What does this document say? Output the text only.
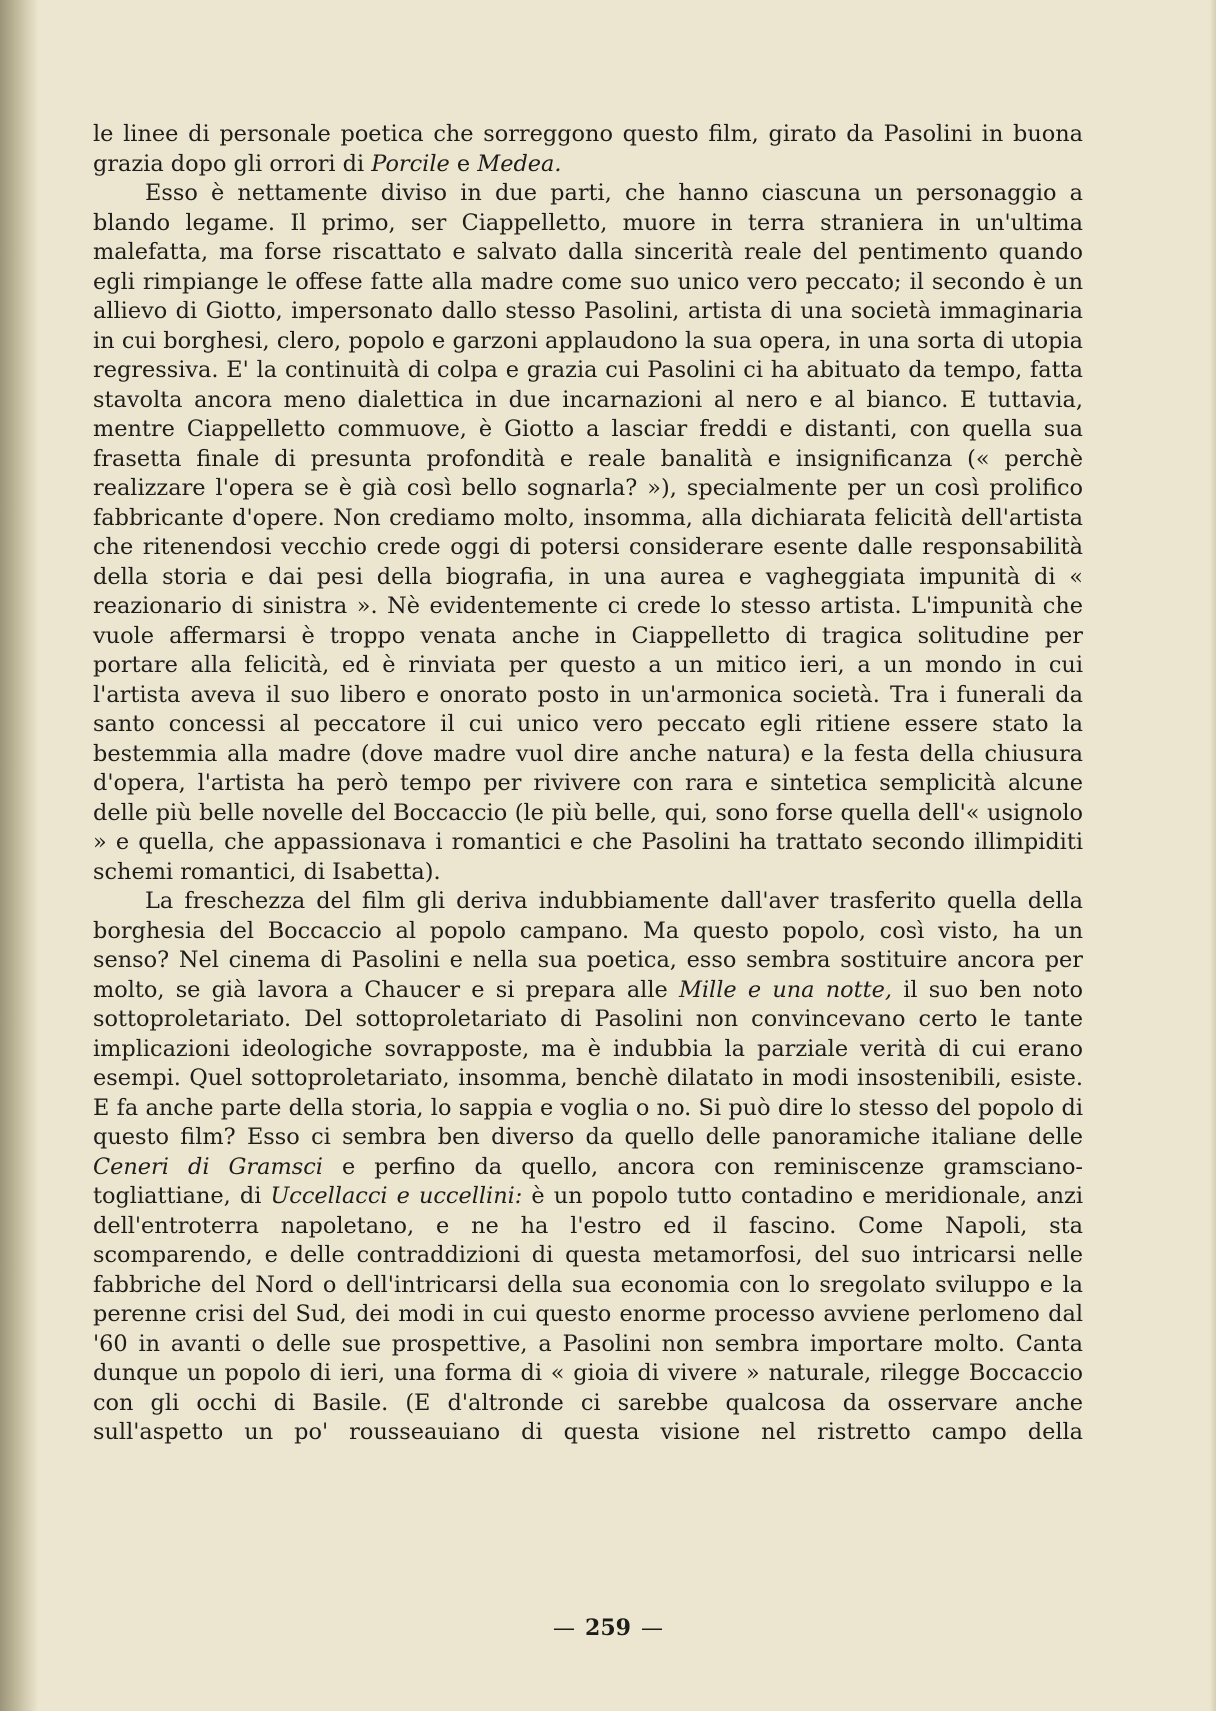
le linee di personale poetica che sorreggono questo film, girato da Pasolini in buona grazia dopo gli orrori di Porcile e Medea.

Esso è nettamente diviso in due parti, che hanno ciascuna un personaggio a blando legame. Il primo, ser Ciappelletto, muore in terra straniera in un'ultima malefatta, ma forse riscattato e salvato dalla sincerità reale del pentimento quando egli rimpiange le offese fatte alla madre come suo unico vero peccato; il secondo è un allievo di Giotto, impersonato dallo stesso Pasolini, artista di una società immaginaria in cui borghesi, clero, popolo e garzoni applaudono la sua opera, in una sorta di utopia regressiva. E' la continuità di colpa e grazia cui Pasolini ci ha abituato da tempo, fatta stavolta ancora meno dialettica in due incarnazioni al nero e al bianco. E tuttavia, mentre Ciappelletto commuove, è Giotto a lasciar freddi e distanti, con quella sua frasetta finale di presunta profondità e reale banalità e insignificanza (« perchè realizzare l'opera se è già così bello sognarla? »), specialmente per un così prolifico fabbricante d'opere. Non crediamo molto, insomma, alla dichiarata felicità dell'artista che ritenendosi vecchio crede oggi di potersi considerare esente dalle responsabilità della storia e dai pesi della biografia, in una aurea e vagheggiata impunità di « reazionario di sinistra ». Nè evidentemente ci crede lo stesso artista. L'impunità che vuole affermarsi è troppo venata anche in Ciappelletto di tragica solitudine per portare alla felicità, ed è rinviata per questo a un mitico ieri, a un mondo in cui l'artista aveva il suo libero e onorato posto in un'armonica società. Tra i funerali da santo concessi al peccatore il cui unico vero peccato egli ritiene essere stato la bestemmia alla madre (dove madre vuol dire anche natura) e la festa della chiusura d'opera, l'artista ha però tempo per rivivere con rara e sintetica semplicità alcune delle più belle novelle del Boccaccio (le più belle, qui, sono forse quella dell'« usignolo » e quella, che appassionava i romantici e che Pasolini ha trattato secondo illimpiditi schemi romantici, di Isabetta).

La freschezza del film gli deriva indubbiamente dall'aver trasferito quella della borghesia del Boccaccio al popolo campano. Ma questo popolo, così visto, ha un senso? Nel cinema di Pasolini e nella sua poetica, esso sembra sostituire ancora per molto, se già lavora a Chaucer e si prepara alle Mille e una notte, il suo ben noto sottoproletariato. Del sottoproletariato di Pasolini non convincevano certo le tante implicazioni ideologiche sovrapposte, ma è indubbia la parziale verità di cui erano esempi. Quel sottoproletariato, insomma, benchè dilatato in modi insostenibili, esiste. E fa anche parte della storia, lo sappia e voglia o no. Si può dire lo stesso del popolo di questo film? Esso ci sembra ben diverso da quello delle panoramiche italiane delle Ceneri di Gramsci e perfino da quello, ancora con reminiscenze gramsciano-togliattiane, di Uccellacci e uccellini: è un popolo tutto contadino e meridionale, anzi dell'entroterra napoletano, e ne ha l'estro ed il fascino. Come Napoli, sta scomparendo, e delle contraddizioni di questa metamorfosi, del suo intricarsi nelle fabbriche del Nord o dell'intricarsi della sua economia con lo sregolato sviluppo e la perenne crisi del Sud, dei modi in cui questo enorme processo avviene perlomeno dal '60 in avanti o delle sue prospettive, a Pasolini non sembra importare molto. Canta dunque un popolo di ieri, una forma di « gioia di vivere » naturale, rilegge Boccaccio con gli occhi di Basile. (E d'altronde ci sarebbe qualcosa da osservare anche sull'aspetto un po' rousseauiano di questa visione nel ristretto campo della

— 259 —
